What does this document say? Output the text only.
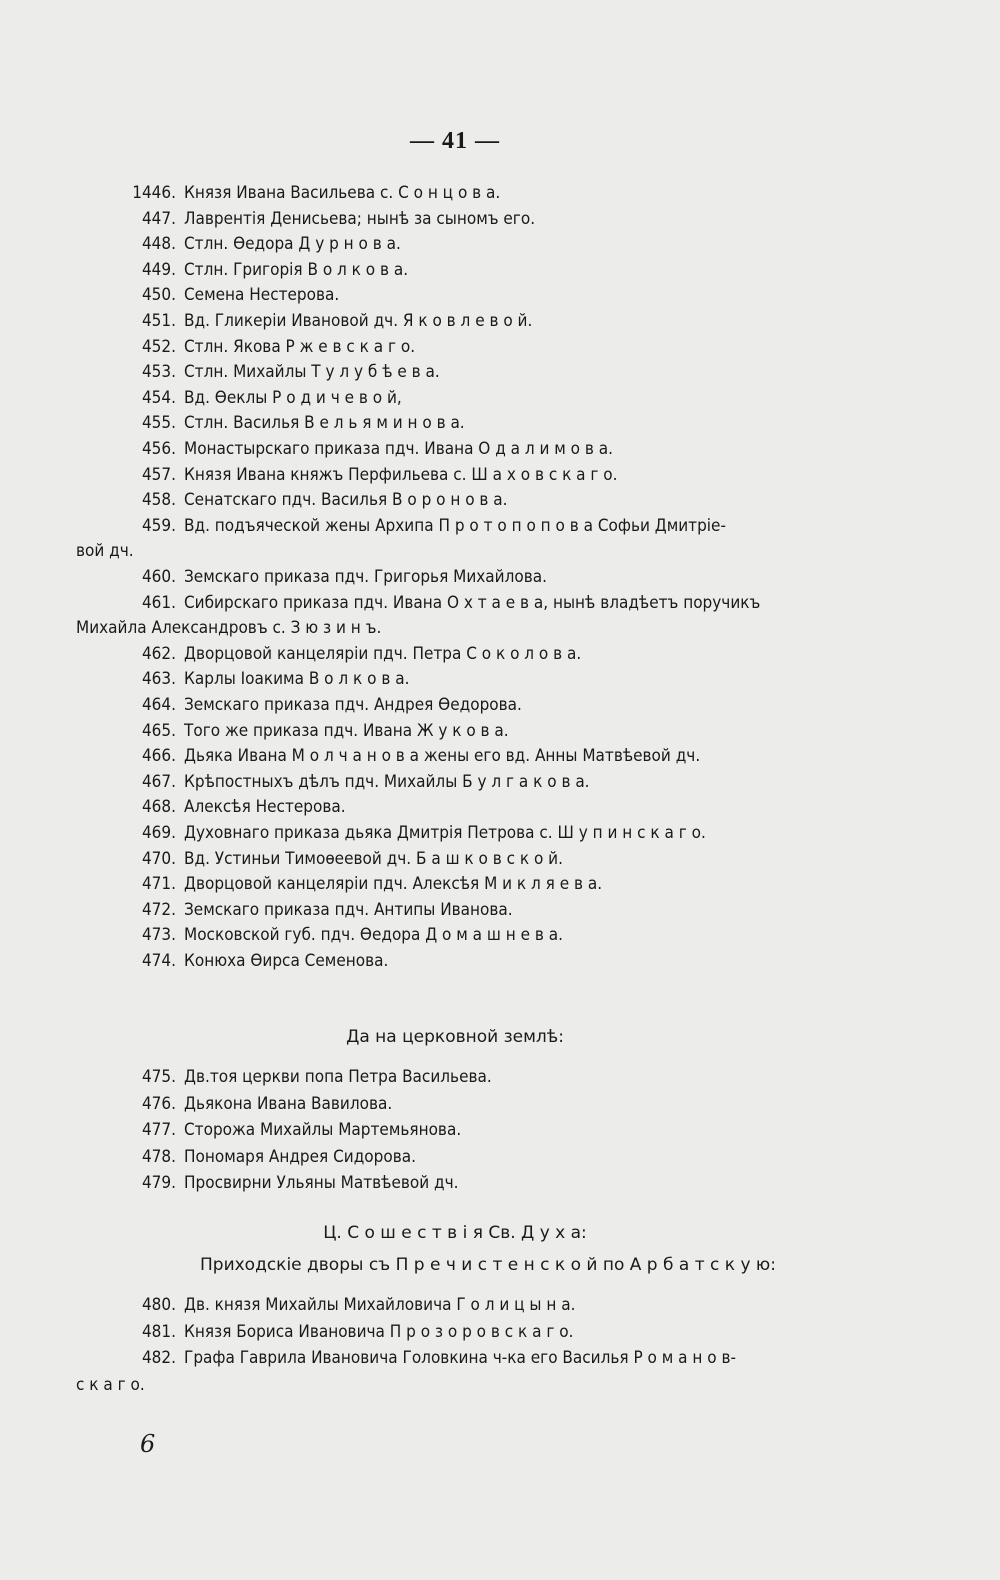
— 41 —
1446. Князя Ивана Васильева с. С о н ц о в а.
447. Лаврентія Денисьева; нынѣ за сыномъ его.
448. Стлн. Ѳедора Д у р н о в а.
449. Стлн. Григорія В о л к о в а.
450. Семена Нестерова.
451. Вд. Гликеріи Ивановой дч. Я к о в л е в о й.
452. Стлн. Якова Р ж е в с к а г о.
453. Стлн. Михайлы Т у л у б ѣ е в а.
454. Вд. Ѳеклы Р о д и ч е в о й,
455. Стлн. Василья В е л ь я м и н о в а.
456. Монастырскаго приказа пдч. Ивана О д а л и м о в а.
457. Князя Ивана княжъ Перфильева с. Ш а х о в с к а г о.
458. Сенатскаго пдч. Василья В о р о н о в а.
459. Вд. подъяческой жены Архипа П р о т о п о п о в а Софьи Дмитріе-
вой дч.
460. Земскаго приказа пдч. Григорья Михайлова.
461. Сибирскаго приказа пдч. Ивана О х т а е в а, нынѣ владѣетъ поручикъ
Михайла Александровъ с. З ю з и н ъ.
462. Дворцовой канцеляріи пдч. Петра С о к о л о в а.
463. Карлы Іоакима В о л к о в а.
464. Земскаго приказа пдч. Андрея Ѳедорова.
465. Того же приказа пдч. Ивана Ж у к о в а.
466. Дьяка Ивана М о л ч а н о в а жены его вд. Анны Матвѣевой дч.
467. Крѣпостныхъ дѣлъ пдч. Михайлы Б у л г а к о в а.
468. Алексѣя Нестерова.
469. Духовнаго приказа дьяка Дмитрія Петрова с. Ш у п и н с к а г о.
470. Вд. Устиньи Тимоѳеевой дч. Б а ш к о в с к о й.
471. Дворцовой канцеляріи пдч. Алексѣя М и к л я е в а.
472. Земскаго приказа пдч. Антипы Иванова.
473. Московской губ. пдч. Ѳедора Д о м а ш н е в а.
474. Конюха Ѳирса Семенова.
Да на церковной землѣ:
475. Дв.тоя церкви попа Петра Васильева.
476. Дьякона Ивана Вавилова.
477. Сторожа Михайлы Мартемьянова.
478. Пономаря Андрея Сидорова.
479. Просвирни Ульяны Матвѣевой дч.
Ц. С о ш е с т в і я Св. Д у х а:
Приходскіе дворы съ П р е ч и с т е н с к о й по А р б а т с к у ю:
480. Дв. князя Михайлы Михайловича Г о л и ц ы н а.
481. Князя Бориса Ивановича П р о з о р о в с к а г о.
482. Графа Гаврила Ивановича Головкина ч-ка его Василья Р о м а н о в-
с к а г о.
6
